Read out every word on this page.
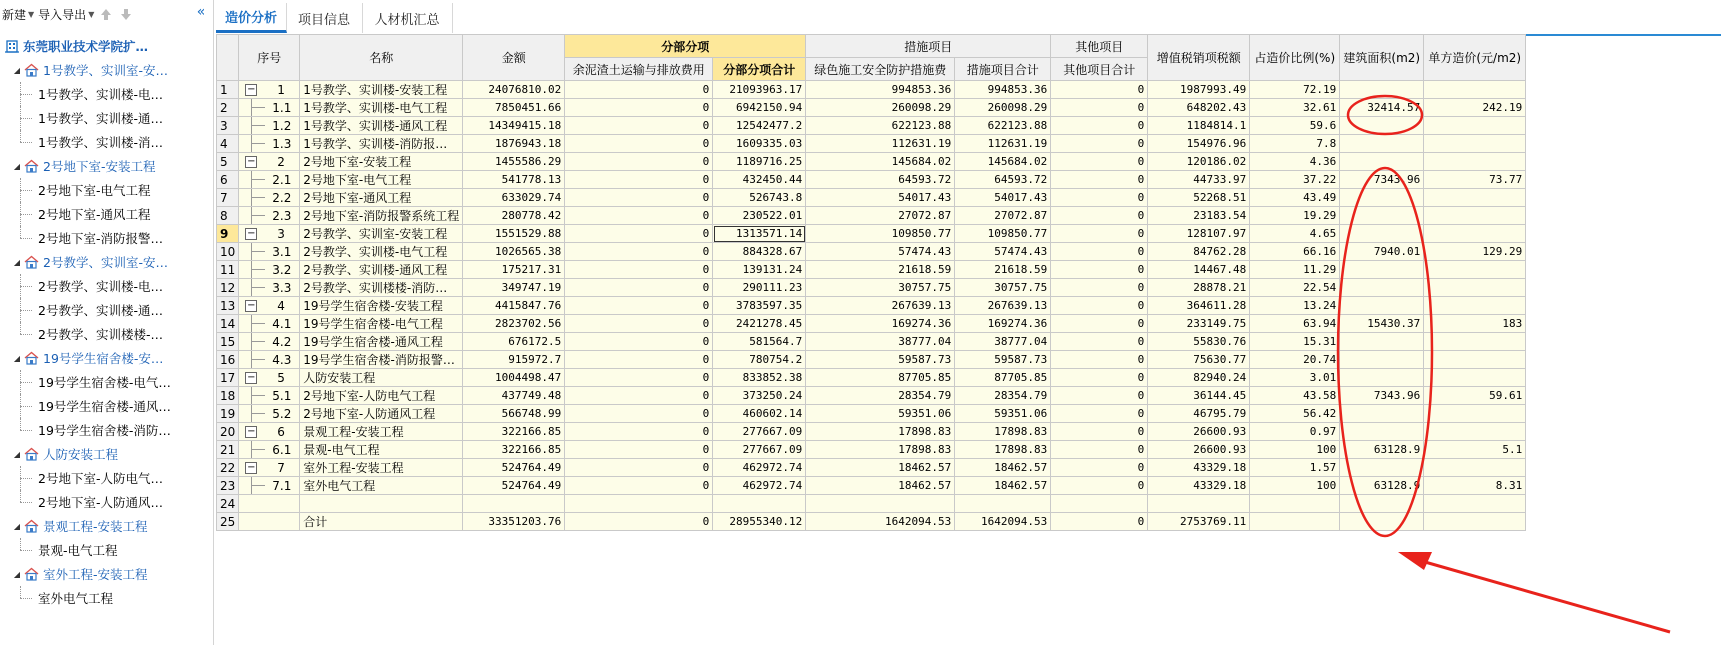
新建 ▼ 导入导出 ▼	«
东莞职业技术学院扩…
◢ 1号教学、实训室-安…
1号教学、实训楼-电…
1号教学、实训楼-通…
1号教学、实训楼-消…
◢ 2号地下室-安装工程
2号地下室-电气工程
2号地下室-通风工程
2号地下室-消防报警…
◢ 2号教学、实训室-安…
2号教学、实训楼-电…
2号教学、实训楼-通…
2号教学、实训楼楼-…
◢ 19号学生宿舍楼-安…
19号学生宿舍楼-电气…
19号学生宿舍楼-通风…
19号学生宿舍楼-消防…
◢ 人防安装工程
2号地下室-人防电气…
2号地下室-人防通风…
◢ 景观工程-安装工程
景观-电气工程
◢ 室外工程-安装工程
室外电气工程
造价分析 项目信息 人材机汇总
	序号	名称	金额	分部分项		措施项目		其他项目	增值税销项税额	占造价比例(%)	建筑面积(m2)	单方造价(元/m2)
				余泥渣土运输与排放费用	分部分项合计	绿色施工安全防护措施费	措施项目合计	其他项目合计				
1	− 1	1号教学、实训楼-安装工程	24076810.02	0	21093963.17	994853.36	994853.36	0	1987993.49	72.19		
2	1.1	1号教学、实训楼-电气工程	7850451.66	0	6942150.94	260098.29	260098.29	0	648202.43	32.61	32414.57	242.19
3	1.2	1号教学、实训楼-通风工程	14349415.18	0	12542477.2	622123.88	622123.88	0	1184814.1	59.6		
4	1.3	1号教学、实训楼-消防报…	1876943.18	0	1609335.03	112631.19	112631.19	0	154976.96	7.8		
5	− 2	2号地下室-安装工程	1455586.29	0	1189716.25	145684.02	145684.02	0	120186.02	4.36		
6	2.1	2号地下室-电气工程	541778.13	0	432450.44	64593.72	64593.72	0	44733.97	37.22	7343.96	73.77
7	2.2	2号地下室-通风工程	633029.74	0	526743.8	54017.43	54017.43	0	52268.51	43.49		
8	2.3	2号地下室-消防报警系统工程	280778.42	0	230522.01	27072.87	27072.87	0	23183.54	19.29		
9	− 3	2号教学、实训室-安装工程	1551529.88	0	1313571.14	109850.77	109850.77	0	128107.97	4.65		
10	3.1	2号教学、实训楼-电气工程	1026565.38	0	884328.67	57474.43	57474.43	0	84762.28	66.16	7940.01	129.29
11	3.2	2号教学、实训楼-通风工程	175217.31	0	139131.24	21618.59	21618.59	0	14467.48	11.29		
12	3.3	2号教学、实训楼楼-消防…	349747.19	0	290111.23	30757.75	30757.75	0	28878.21	22.54		
13	− 4	19号学生宿舍楼-安装工程	4415847.76	0	3783597.35	267639.13	267639.13	0	364611.28	13.24		
14	4.1	19号学生宿舍楼-电气工程	2823702.56	0	2421278.45	169274.36	169274.36	0	233149.75	63.94	15430.37	183
15	4.2	19号学生宿舍楼-通风工程	676172.5	0	581564.7	38777.04	38777.04	0	55830.76	15.31		
16	4.3	19号学生宿舍楼-消防报警…	915972.7	0	780754.2	59587.73	59587.73	0	75630.77	20.74		
17	− 5	人防安装工程	1004498.47	0	833852.38	87705.85	87705.85	0	82940.24	3.01		
18	5.1	2号地下室-人防电气工程	437749.48	0	373250.24	28354.79	28354.79	0	36144.45	43.58	7343.96	59.61
19	5.2	2号地下室-人防通风工程	566748.99	0	460602.14	59351.06	59351.06	0	46795.79	56.42		
20	− 6	景观工程-安装工程	322166.85	0	277667.09	17898.83	17898.83	0	26600.93	0.97		
21	6.1	景观-电气工程	322166.85	0	277667.09	17898.83	17898.83	0	26600.93	100	63128.9	5.1
22	− 7	室外工程-安装工程	524764.49	0	462972.74	18462.57	18462.57	0	43329.18	1.57		
23	7.1	室外电气工程	524764.49	0	462972.74	18462.57	18462.57	0	43329.18	100	63128.9	8.31
24												
25		合计	33351203.76	0	28955340.12	1642094.53	1642094.53	0	2753769.11			
